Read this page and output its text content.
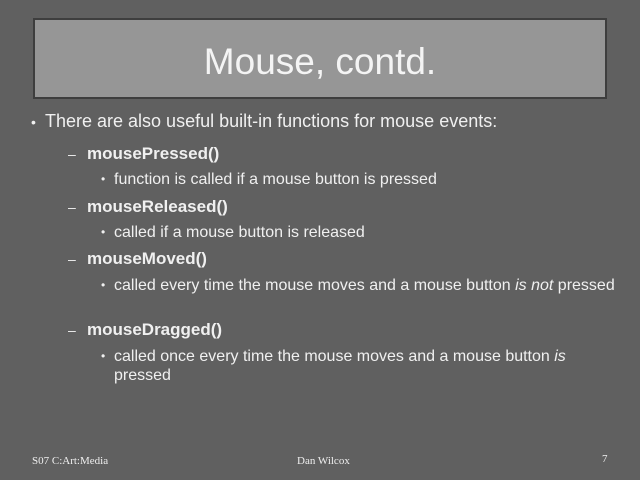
Mouse, contd.
• There are also useful built-in functions for mouse events:
– mousePressed()
• function is called if a mouse button is pressed
– mouseReleased()
• called if a mouse button is released
– mouseMoved()
• called every time the mouse moves and a mouse button is not pressed
– mouseDragged()
• called once every time the mouse moves and a mouse button is pressed
S07 C:Art:Media	Dan Wilcox	7
